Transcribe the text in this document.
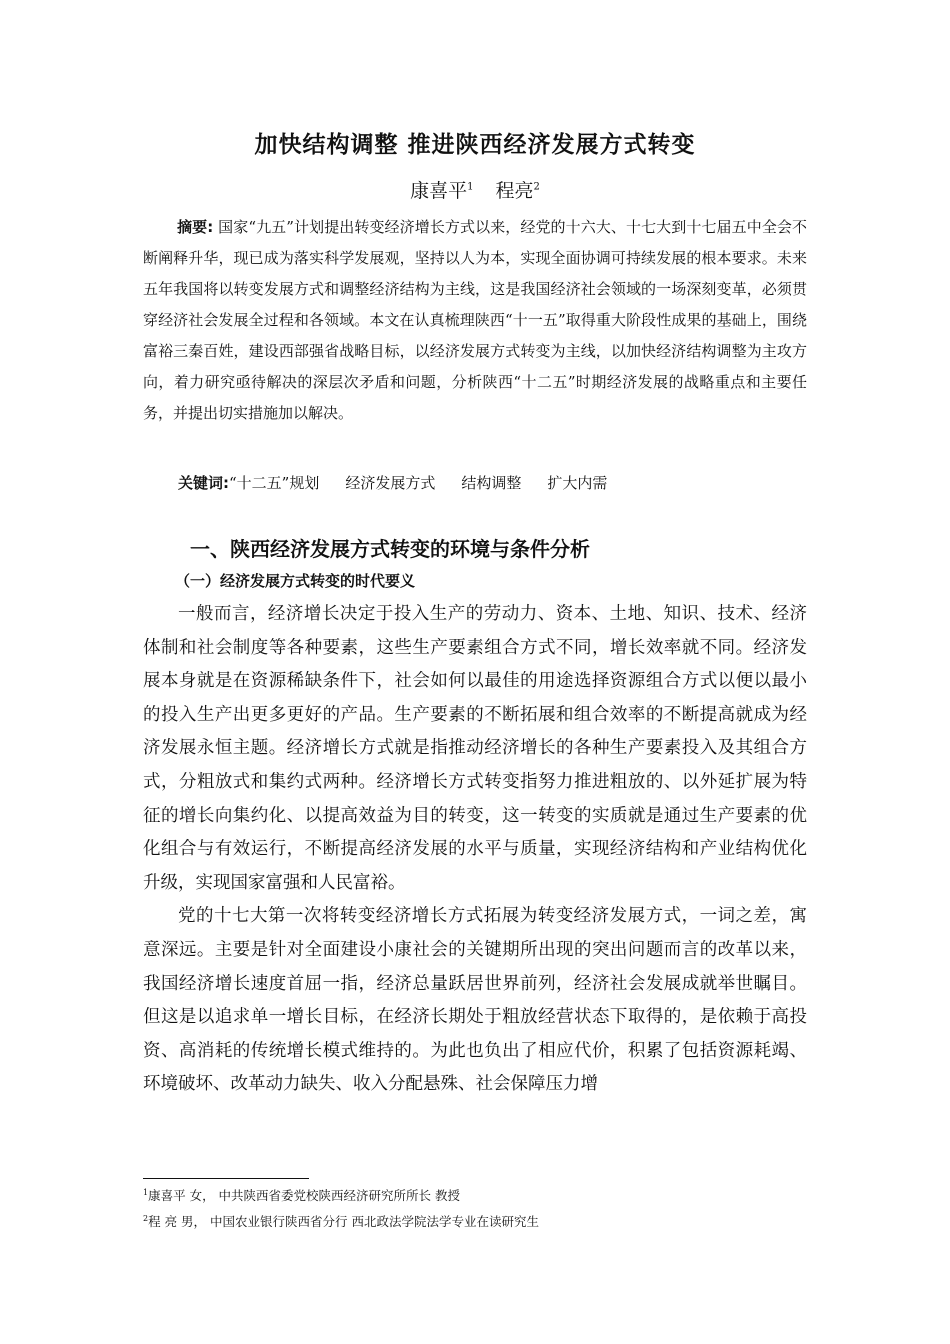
加快结构调整 推进陕西经济发展方式转变
康喜平$^1$ 程亮$^2$

摘要: 国家“九五”计划提出转变经济增长方式以来，经党的十六大、十七大到十七届五中全会不断阐释升华，现已成为落实科学发展观，坚持以人为本，实现全面协调可持续发展的根本要求。未来五年我国将以转变发展方式和调整经济结构为主线，这是我国经济社会领域的一场深刻变革，必须贯穿经济社会发展全过程和各领域。本文在认真梳理陕西“十一五”取得重大阶段性成果的基础上，围绕富裕三秦百姓，建设西部强省战略目标，以经济发展方式转变为主线，以加快经济结构调整为主攻方向，着力研究亟待解决的深层次矛盾和问题，分析陕西“十二五”时期经济发展的战略重点和主要任务，并提出切实措施加以解决。

关键词:“十二五”规划 经济发展方式 结构调整 扩大内需

一、陕西经济发展方式转变的环境与条件分析
（一）经济发展方式转变的时代要义

一般而言，经济增长决定于投入生产的劳动力、资本、土地、知识、技术、经济体制和社会制度等各种要素，这些生产要素组合方式不同，增长效率就不同。经济发展本身就是在资源稀缺条件下，社会如何以最佳的用途选择资源组合方式以便以最小的投入生产出更多更好的产品。生产要素的不断拓展和组合效率的不断提高就成为经济发展永恒主题。经济增长方式就是指推动经济增长的各种生产要素投入及其组合方式，分粗放式和集约式两种。经济增长方式转变指努力推进粗放的、以外延扩展为特征的增长向集约化、以提高效益为目的转变，这一转变的实质就是通过生产要素的优化组合与有效运行，不断提高经济发展的水平与质量，实现经济结构和产业结构优化升级，实现国家富强和人民富裕。

党的十七大第一次将转变经济增长方式拓展为转变经济发展方式，一词之差，寓意深远。主要是针对全面建设小康社会的关键期所出现的突出问题而言的改革以来，我国经济增长速度首屈一指，经济总量跃居世界前列，经济社会发展成就举世瞩目。但这是以追求单一增长目标，在经济长期处于粗放经营状态下取得的，是依赖于高投资、高消耗的传统增长模式维持的。为此也负出了相应代价，积累了包括资源耗竭、环境破坏、改革动力缺失、收入分配悬殊、社会保障压力增

$^1$康喜平 女， 中共陕西省委党校陕西经济研究所所长 教授

$^2$程 亮 男， 中国农业银行陕西省分行 西北政法学院法学专业在读研究生
